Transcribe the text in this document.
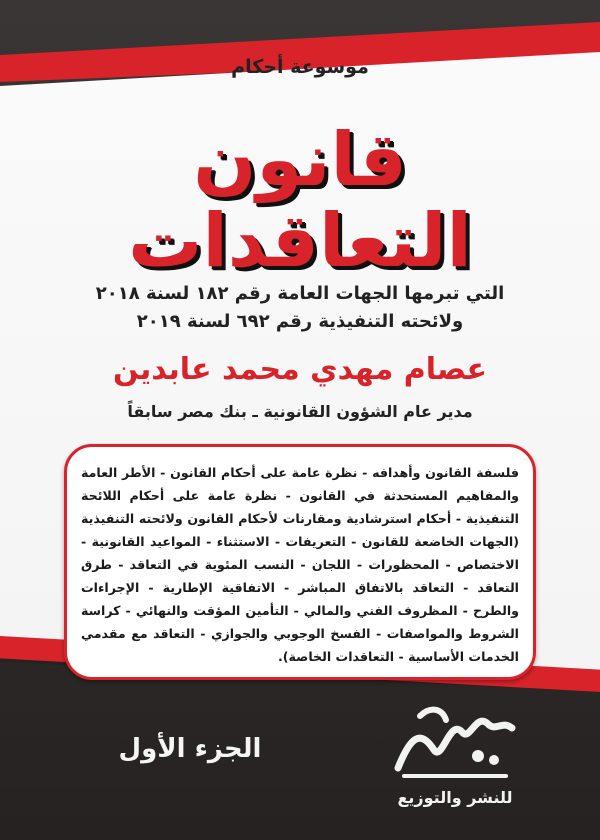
موسوعة أحكام
قانون التعاقدات
التي تبرمها الجهات العامة رقم ١٨٢ لسنة ٢٠١٨
ولائحته التنفيذية رقم ٦٩٢ لسنة ٢٠١٩
عصام مهدي محمد عابدين
مدير عام الشؤون القانونية ـ بنك مصر سابقاً
فلسفة القانون وأهدافه - نظرة عامة على أحكام القانون - الأطر العامة والمفاهيم المستحدثة في القانون - نظرة عامة على أحكام اللائحة التنفيذية - أحكام استرشادية ومقارنات لأحكام القانون ولائحته التنفيذية (الجهات الخاضعة للقانون - التعريفات - الاستثناء - المواعيد القانونية - الاختصاص - المحظورات - اللجان - النسب المئوية في التعاقد - طرق التعاقد - التعاقد بالاتفاق المباشر - الاتفاقية الإطارية - الإجراءات والطرح - المظروف الفني والمالي - التأمين المؤقت والنهائي - كراسة الشروط والمواصفات - الفسخ الوجوبي والجوازي - التعاقد مع مقدمي الخدمات الأساسية - التعاقدات الخاصة).
الجزء الأول
للنشر والتوزيع
